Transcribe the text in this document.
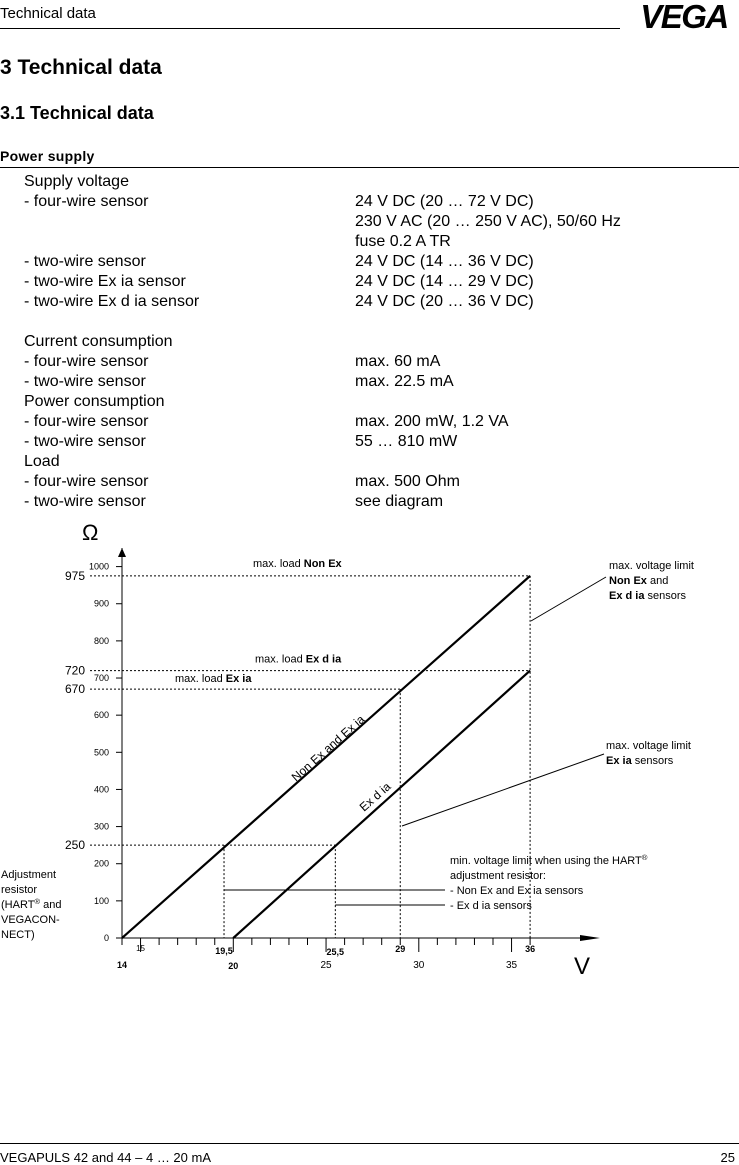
Technical data	VEGA
3 Technical data
3.1 Technical data
Power supply
Supply voltage
- four-wire sensor	24 V DC (20 … 72 V DC)
230 V AC (20 … 250 V AC), 50/60 Hz
fuse 0.2 A TR
- two-wire sensor	24 V DC (14 … 36 V DC)
- two-wire Ex ia sensor	24 V DC (14 … 29 V DC)
- two-wire Ex d ia sensor	24 V DC (20 … 36 V DC)
Current consumption
- four-wire sensor	max. 60 mA
- two-wire sensor	max. 22.5 mA
Power consumption
- four-wire sensor	max. 200 mW, 1.2 VA
- two-wire sensor	55 … 810 mW
Load
- four-wire sensor	max. 500 Ohm
- two-wire sensor	see diagram
Ω
V
0
100
200
300
400
500
600
700
800
900
1000
25	30	35
15
14
19,5
20
25,5	29	36
975
720
670
250
Non Ex and Ex ia
Ex d ia
max. load Non Ex
max. load Ex d ia
max. load Ex ia
max. voltage limit
Non Ex and
Ex d ia sensors
max. voltage limit
Ex ia sensors
min. voltage limit when using the HART®
adjustment resistor:
- Non Ex and Ex ia sensors
- Ex d ia sensors
Adjustment
resistor
(HART® and
VEGACON-
NECT)
VEGAPULS 42 and 44 – 4 … 20 mA	25
